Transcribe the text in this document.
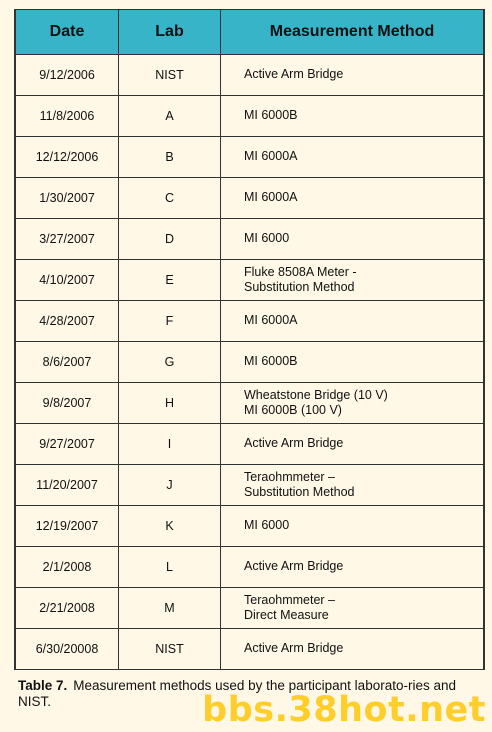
Date	Lab	Measurement Method
9/12/2006	NIST	Active Arm Bridge
11/8/2006	A	MI 6000B
12/12/2006	B	MI 6000A
1/30/2007	C	MI 6000A
3/27/2007	D	MI 6000
4/10/2007	E	Fluke 8508A Meter -
Substitution Method
4/28/2007	F	MI 6000A
8/6/2007	G	MI 6000B
9/8/2007	H	Wheatstone Bridge (10 V)
MI 6000B (100 V)
9/27/2007	I	Active Arm Bridge
11/20/2007	J	Teraohmmeter –
Substitution Method
12/19/2007	K	MI 6000
2/1/2008	L	Active Arm Bridge
2/21/2008	M	Teraohmmeter –
Direct Measure
6/30/20008	NIST	Active Arm Bridge
Table 7. Measurement methods used by the participant laborato-ries and NIST.	bbs.38hot.net
